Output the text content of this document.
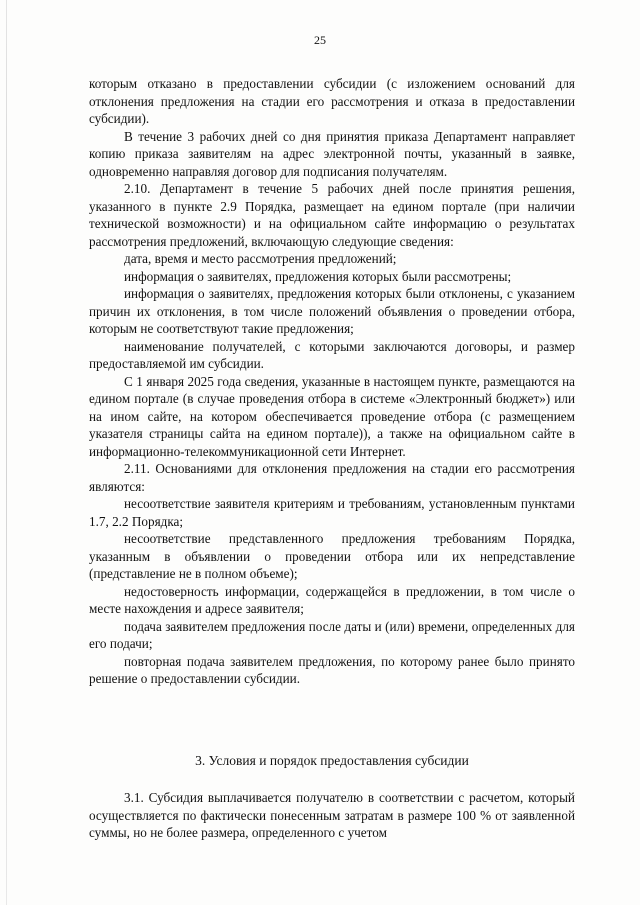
25

которым отказано в предоставлении субсидии (с изложением оснований для отклонения предложения на стадии его рассмотрения и отказа в предоставлении субсидии).

В течение 3 рабочих дней со дня принятия приказа Департамент направляет копию приказа заявителям на адрес электронной почты, указанный в заявке, одновременно направляя договор для подписания получателям.

2.10. Департамент в течение 5 рабочих дней после принятия решения, указанного в пункте 2.9 Порядка, размещает на едином портале (при наличии технической возможности) и на официальном сайте информацию о результатах рассмотрения предложений, включающую следующие сведения:

дата, время и место рассмотрения предложений;

информация о заявителях, предложения которых были рассмотрены;

информация о заявителях, предложения которых были отклонены, с указанием причин их отклонения, в том числе положений объявления о проведении отбора, которым не соответствуют такие предложения;

наименование получателей, с которыми заключаются договоры, и размер предоставляемой им субсидии.

С 1 января 2025 года сведения, указанные в настоящем пункте, размещаются на едином портале (в случае проведения отбора в системе «Электронный бюджет») или на ином сайте, на котором обеспечивается проведение отбора (с размещением указателя страницы сайта на едином портале)), а также на официальном сайте в информационно-телекоммуникационной сети Интернет.

2.11. Основаниями для отклонения предложения на стадии его рассмотрения являются:

несоответствие заявителя критериям и требованиям, установленным пунктами 1.7, 2.2 Порядка;

несоответствие представленного предложения требованиям Порядка, указанным в объявлении о проведении отбора или их непредставление (представление не в полном объеме);

недостоверность информации, содержащейся в предложении, в том числе о месте нахождения и адресе заявителя;

подача заявителем предложения после даты и (или) времени, определенных для его подачи;

повторная подача заявителем предложения, по которому ранее было принято решение о предоставлении субсидии.

3. Условия и порядок предоставления субсидии

3.1. Субсидия выплачивается получателю в соответствии с расчетом, который осуществляется по фактически понесенным затратам в размере 100 % от заявленной суммы, но не более размера, определенного с учетом
